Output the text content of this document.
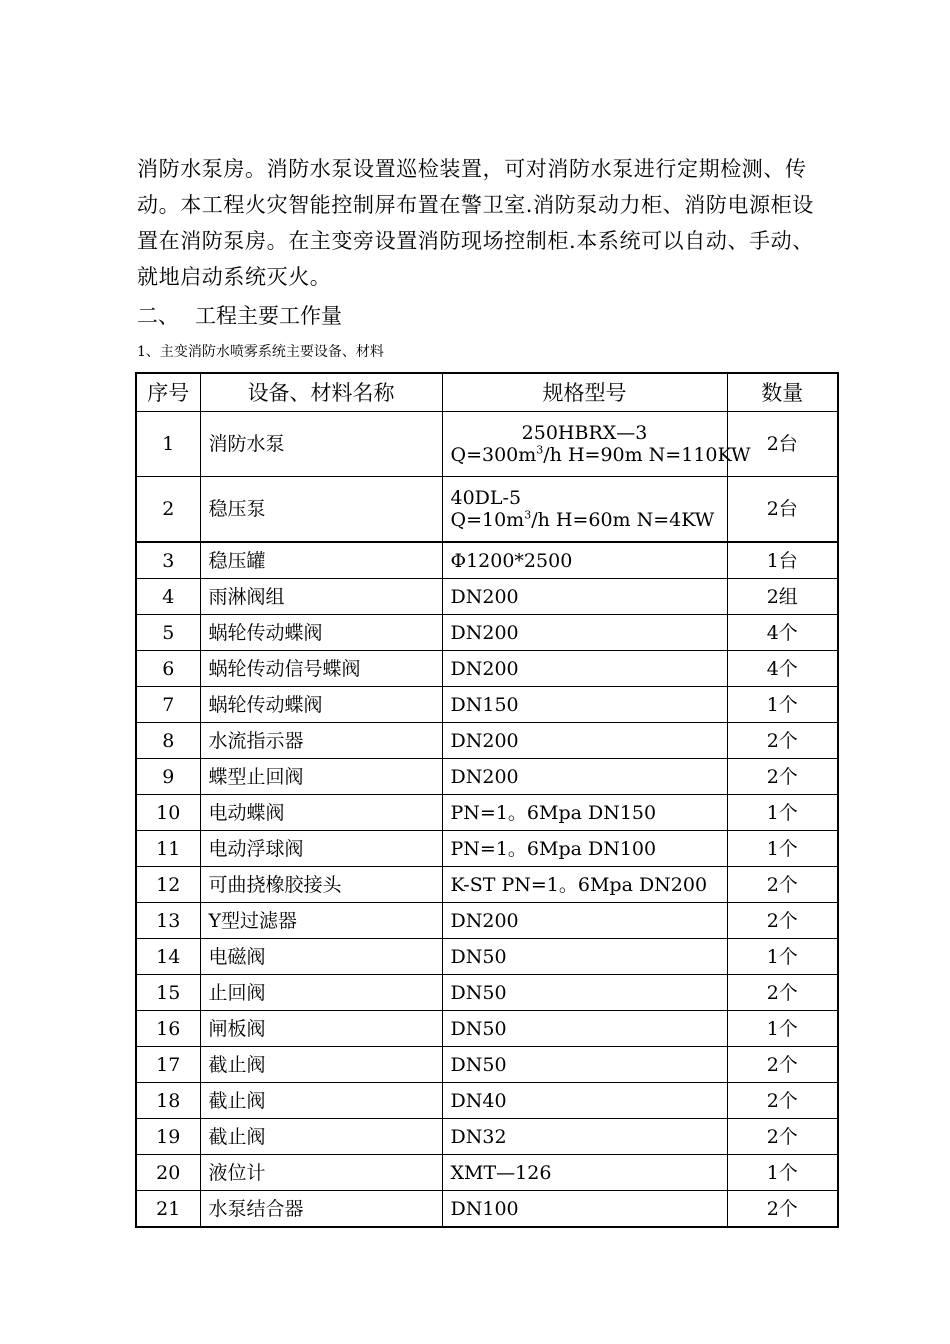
消防水泵房。消防水泵设置巡检装置，可对消防水泵进行定期检测、传
动。本工程火灾智能控制屏布置在警卫室.消防泵动力柜、消防电源柜设
置在消防泵房。在主变旁设置消防现场控制柜.本系统可以自动、手动、
就地启动系统灭火。
二、 工程主要工作量
1、主变消防水喷雾系统主要设备、材料
序号	设备、材料名称	规格型号	数量
1	消防水泵	250HBRX—3
$Q=300m^3/h$ H=90m N=110KW	2台
2	稳压泵	40DL-5
$Q=10m^3/h$ H=60m N=4KW	2台
3	稳压罐	Φ1200*2500	1台
4	雨淋阀组	DN200	2组
5	蜗轮传动蝶阀	DN200	4个
6	蜗轮传动信号蝶阀	DN200	4个
7	蜗轮传动蝶阀	DN150	1个
8	水流指示器	DN200	2个
9	蝶型止回阀	DN200	2个
10	电动蝶阀	PN=1。6Mpa DN150	1个
11	电动浮球阀	PN=1。6Mpa DN100	1个
12	可曲挠橡胶接头	K-ST PN=1。6Mpa DN200	2个
13	Y型过滤器	DN200	2个
14	电磁阀	DN50	1个
15	止回阀	DN50	2个
16	闸板阀	DN50	1个
17	截止阀	DN50	2个
18	截止阀	DN40	2个
19	截止阀	DN32	2个
20	液位计	XMT—126	1个
21	水泵结合器	DN100	2个
